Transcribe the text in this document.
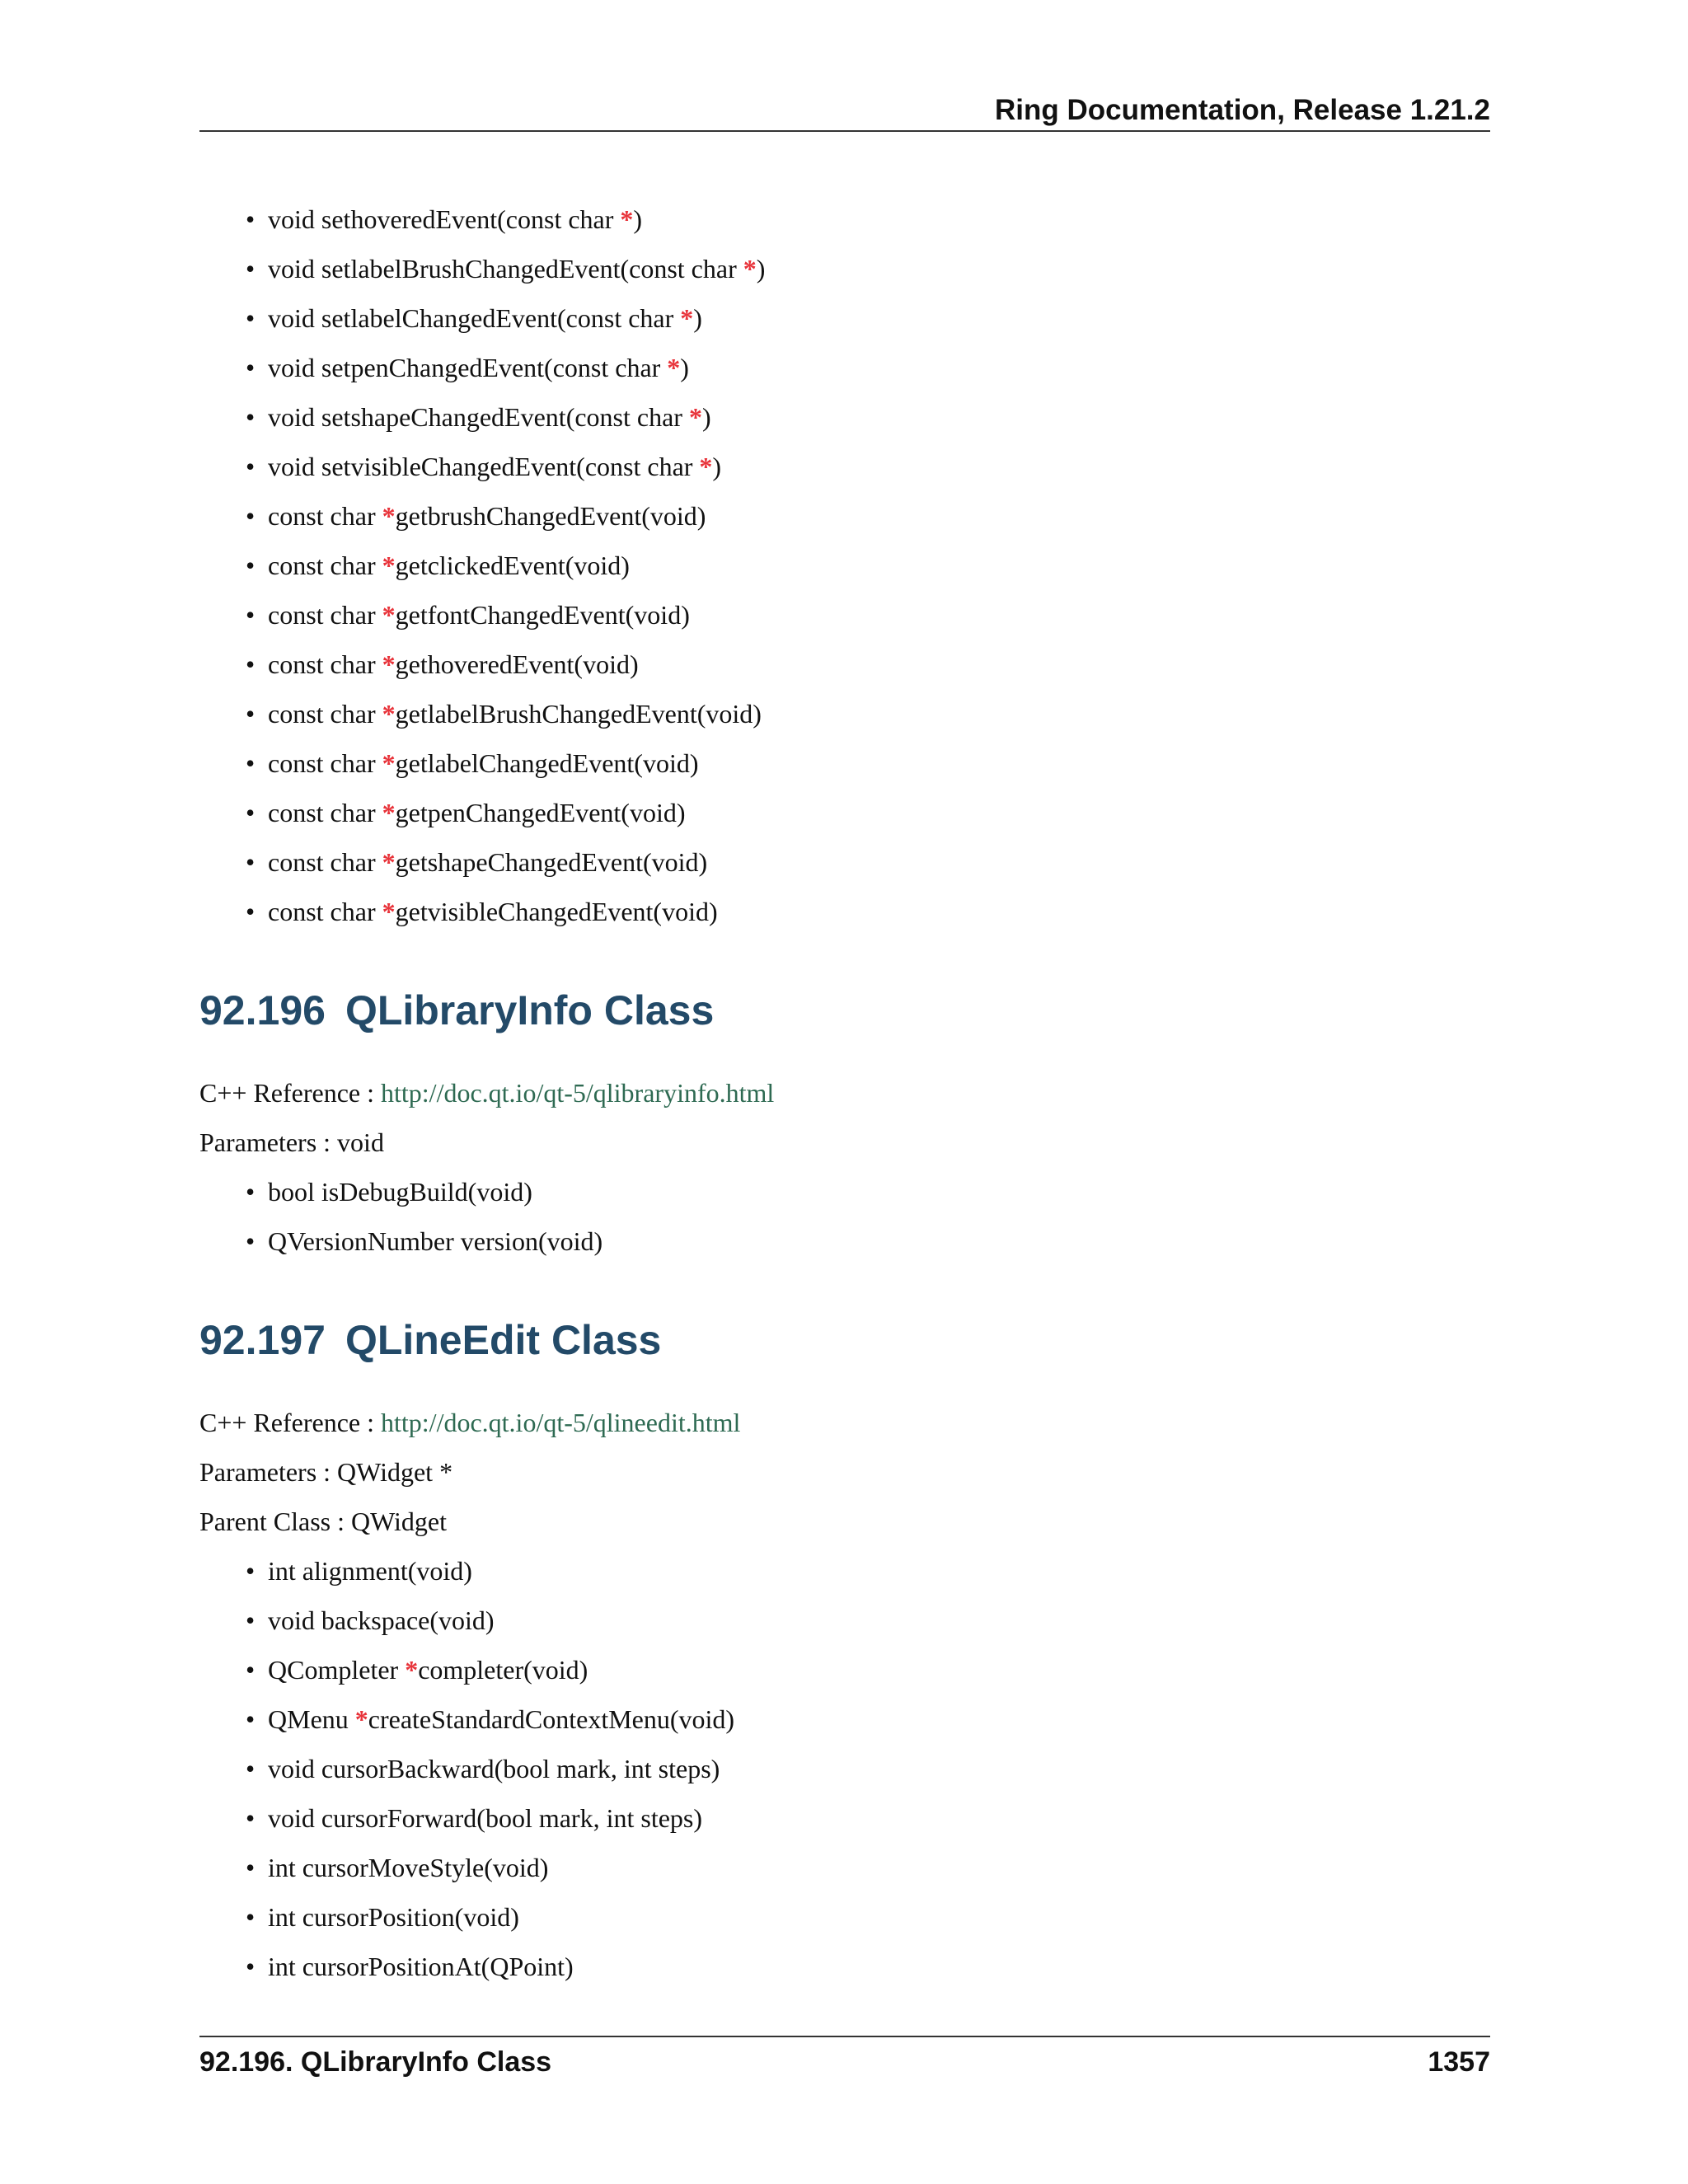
Ring Documentation, Release 1.21.2
• void sethoveredEvent(const char *)
• void setlabelBrushChangedEvent(const char *)
• void setlabelChangedEvent(const char *)
• void setpenChangedEvent(const char *)
• void setshapeChangedEvent(const char *)
• void setvisibleChangedEvent(const char *)
• const char *getbrushChangedEvent(void)
• const char *getclickedEvent(void)
• const char *getfontChangedEvent(void)
• const char *gethoveredEvent(void)
• const char *getlabelBrushChangedEvent(void)
• const char *getlabelChangedEvent(void)
• const char *getpenChangedEvent(void)
• const char *getshapeChangedEvent(void)
• const char *getvisibleChangedEvent(void)
92.196 QLibraryInfo Class
C++ Reference : http://doc.qt.io/qt-5/qlibraryinfo.html
Parameters : void
• bool isDebugBuild(void)
• QVersionNumber version(void)
92.197 QLineEdit Class
C++ Reference : http://doc.qt.io/qt-5/qlineedit.html
Parameters : QWidget *
Parent Class : QWidget
• int alignment(void)
• void backspace(void)
• QCompleter *completer(void)
• QMenu *createStandardContextMenu(void)
• void cursorBackward(bool mark, int steps)
• void cursorForward(bool mark, int steps)
• int cursorMoveStyle(void)
• int cursorPosition(void)
• int cursorPositionAt(QPoint)
92.196. QLibraryInfo Class	1357
